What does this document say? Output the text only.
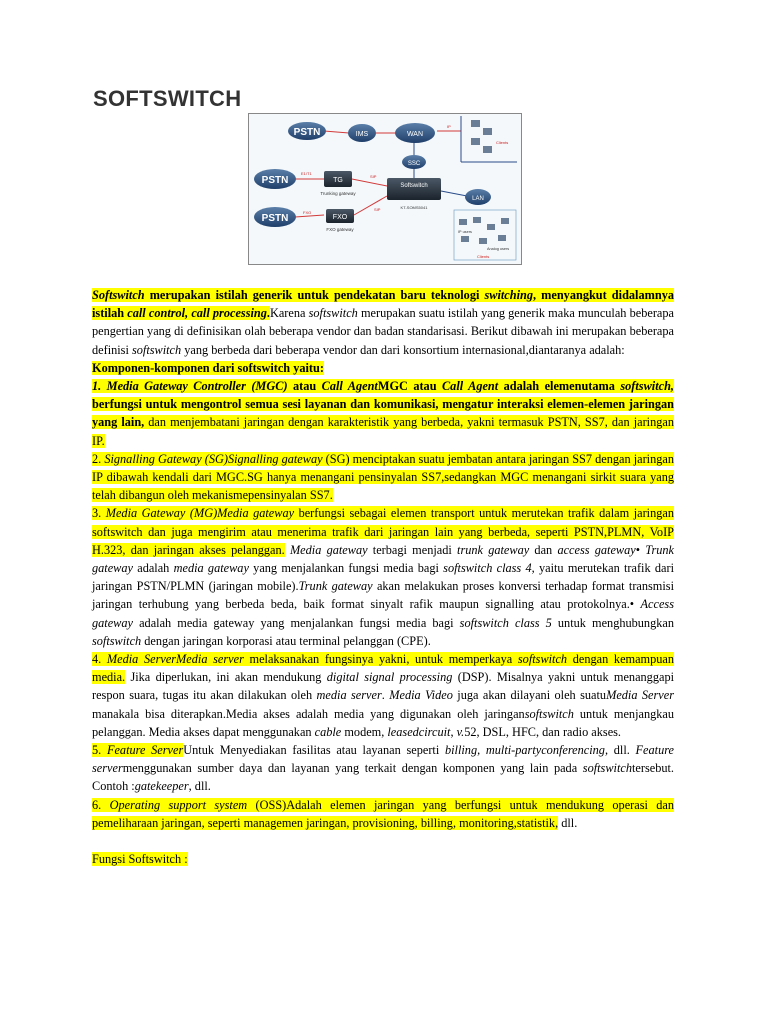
SOFTSWITCH
PSTN	IMS	WAN
SSC
PSTN
PSTN
LAN
TG
Trunking gateway
FXO
FXO gateway
Softswitch
KT-SOMS5041
E1/T1
SIP
FXO
SIP
IP
Clients
IP users
Analog users
Clients

Softswitch merupakan istilah generik untuk pendekatan baru teknologi switching, menyangkut didalamnya istilah call control, call processing.Karena softswitch merupakan suatu istilah yang generik maka munculah beberapa pengertian yang di definisikan olah beberapa vendor dan badan standarisasi. Berikut dibawah ini merupakan beberapa definisi softswitch yang berbeda dari beberapa vendor dan dari konsortium internasional,diantaranya adalah:

Komponen-komponen dari softswitch yaitu:

1. Media Gateway Controller (MGC) atau Call AgentMGC atau Call Agent adalah elemenutama softswitch, berfungsi untuk mengontrol semua sesi layanan dan komunikasi, mengatur interaksi elemen-elemen jaringan yang lain, dan menjembatani jaringan dengan karakteristik yang berbeda, yakni termasuk PSTN, SS7, dan jaringan IP.

2. Signalling Gateway (SG)Signalling gateway (SG) menciptakan suatu jembatan antara jaringan SS7 dengan jaringan IP dibawah kendali dari MGC.SG hanya menangani pensinyalan SS7,sedangkan MGC menangani sirkit suara yang telah dibangun oleh mekanismepensinyalan SS7.

3. Media Gateway (MG)Media gateway berfungsi sebagai elemen transport untuk merutekan trafik dalam jaringan softswitch dan juga mengirim atau menerima trafik dari jaringan lain yang berbeda, seperti PSTN,PLMN, VoIP H.323, dan jaringan akses pelanggan. Media gateway terbagi menjadi trunk gateway dan access gateway• Trunk gateway adalah media gateway yang menjalankan fungsi media bagi softswitch class 4, yaitu merutekan trafik dari jaringan PSTN/PLMN (jaringan mobile).Trunk gateway akan melakukan proses konversi terhadap format transmisi jaringan terhubung yang berbeda beda, baik format sinyalt rafik maupun signalling atau protokolnya.• Access gateway adalah media gateway yang menjalankan fungsi media bagi softswitch class 5 untuk menghubungkan softswitch dengan jaringan korporasi atau terminal pelanggan (CPE).

4. Media ServerMedia server melaksanakan fungsinya yakni, untuk memperkaya softswitch dengan kemampuan media. Jika diperlukan, ini akan mendukung digital signal processing (DSP). Misalnya yakni untuk menanggapi respon suara, tugas itu akan dilakukan oleh media server. Media Video juga akan dilayani oleh suatuMedia Server manakala bisa diterapkan.Media akses adalah media yang digunakan oleh jaringansoftswitch untuk menjangkau pelanggan. Media akses dapat menggunakan cable modem, leasedcircuit, v.52, DSL, HFC, dan radio akses.

5. Feature ServerUntuk Menyediakan fasilitas atau layanan seperti billing, multi-partyconferencing, dll. Feature servermenggunakan sumber daya dan layanan yang terkait dengan komponen yang lain pada softswitchtersebut. Contoh :gatekeeper, dll.

6. Operating support system (OSS)Adalah elemen jaringan yang berfungsi untuk mendukung operasi dan pemeliharaan jaringan, seperti managemen jaringan, provisioning, billing, monitoring,statistik, dll.

Fungsi Softswitch :
